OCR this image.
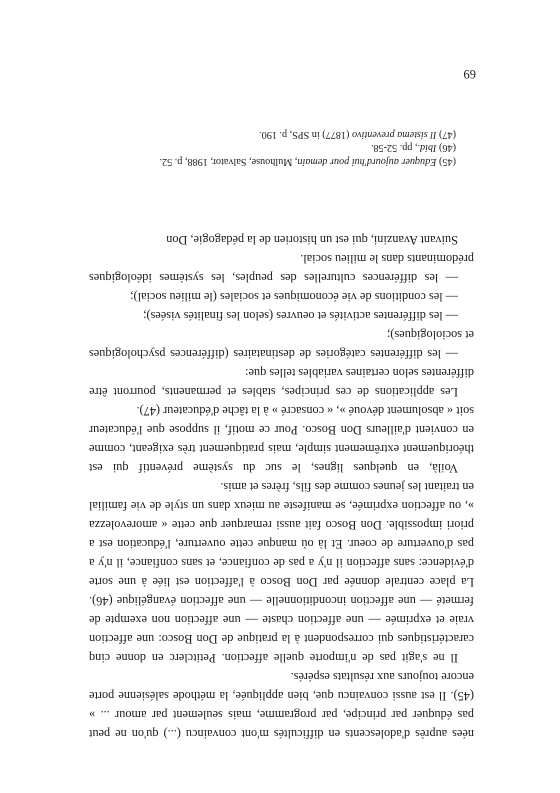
nées auprès d'adolescents en difficultés m'ont convaincu (...) qu'on ne peut pas éduquer par principe, par programme, mais seulement par amour ... » (45). Il est aussi convaincu que, bien appliquée, la méthode salésienne porte encore toujours aux résultats espérés.

Il ne s'agit pas de n'importe quelle affection. Petitclerc en donne cinq caractéristiques qui correspondent à la pratique de Don Bosco: une affection vraie et exprimée — une affection chaste — une affection non exempte de fermeté — une affection inconditionnelle — une affection évangélique (46). La place centrale donnée par Don Bosco à l'affection est liée à une sorte d'évidence: sans affection il n'y a pas de confiance, et sans confiance, il n'y a pas d'ouverture de coeur. Et là où manque cette ouverture, l'éducation est a priori impossible. Don Bosco fait aussi remarquer que cette « amorevolezza », ou affection exprimée, se manifeste au mieux dans un style de vie familial en traitant les jeunes comme des fils, frères et amis.

Voilà, en quelques lignes, le suc du système préventif qui est théoriquement extrêmement simple, mais pratiquement très exigeant, comme en convient d'ailleurs Don Bosco. Pour ce motif, il suppose que l'éducateur soit « absolument dévoué », « consacré » à la tâche d'éducateur (47).

Les applications de ces principes, stables et permanents, pourront être différentes selon certaines variables telles que:

— les différentes catégories de destinataires (différences psychologiques et sociologiques);

— les différentes activités et oeuvres (selon les finalités visées);

— les conditions de vie économiques et sociales (le milieu social);

— les différences culturelles des peuples, les systèmes idéologiques prédominants dans le milieu social.

Suivant Avanzini, qui est un historien de la pédagogie, Don

(45) Eduquer aujourd'hui pour demain, Mulhouse, Salvator, 1988, p. 52.
(46) Ibid., pp. 52-58.
(47) Il sistema preventivo (1877) in SPS, p. 190.
69
